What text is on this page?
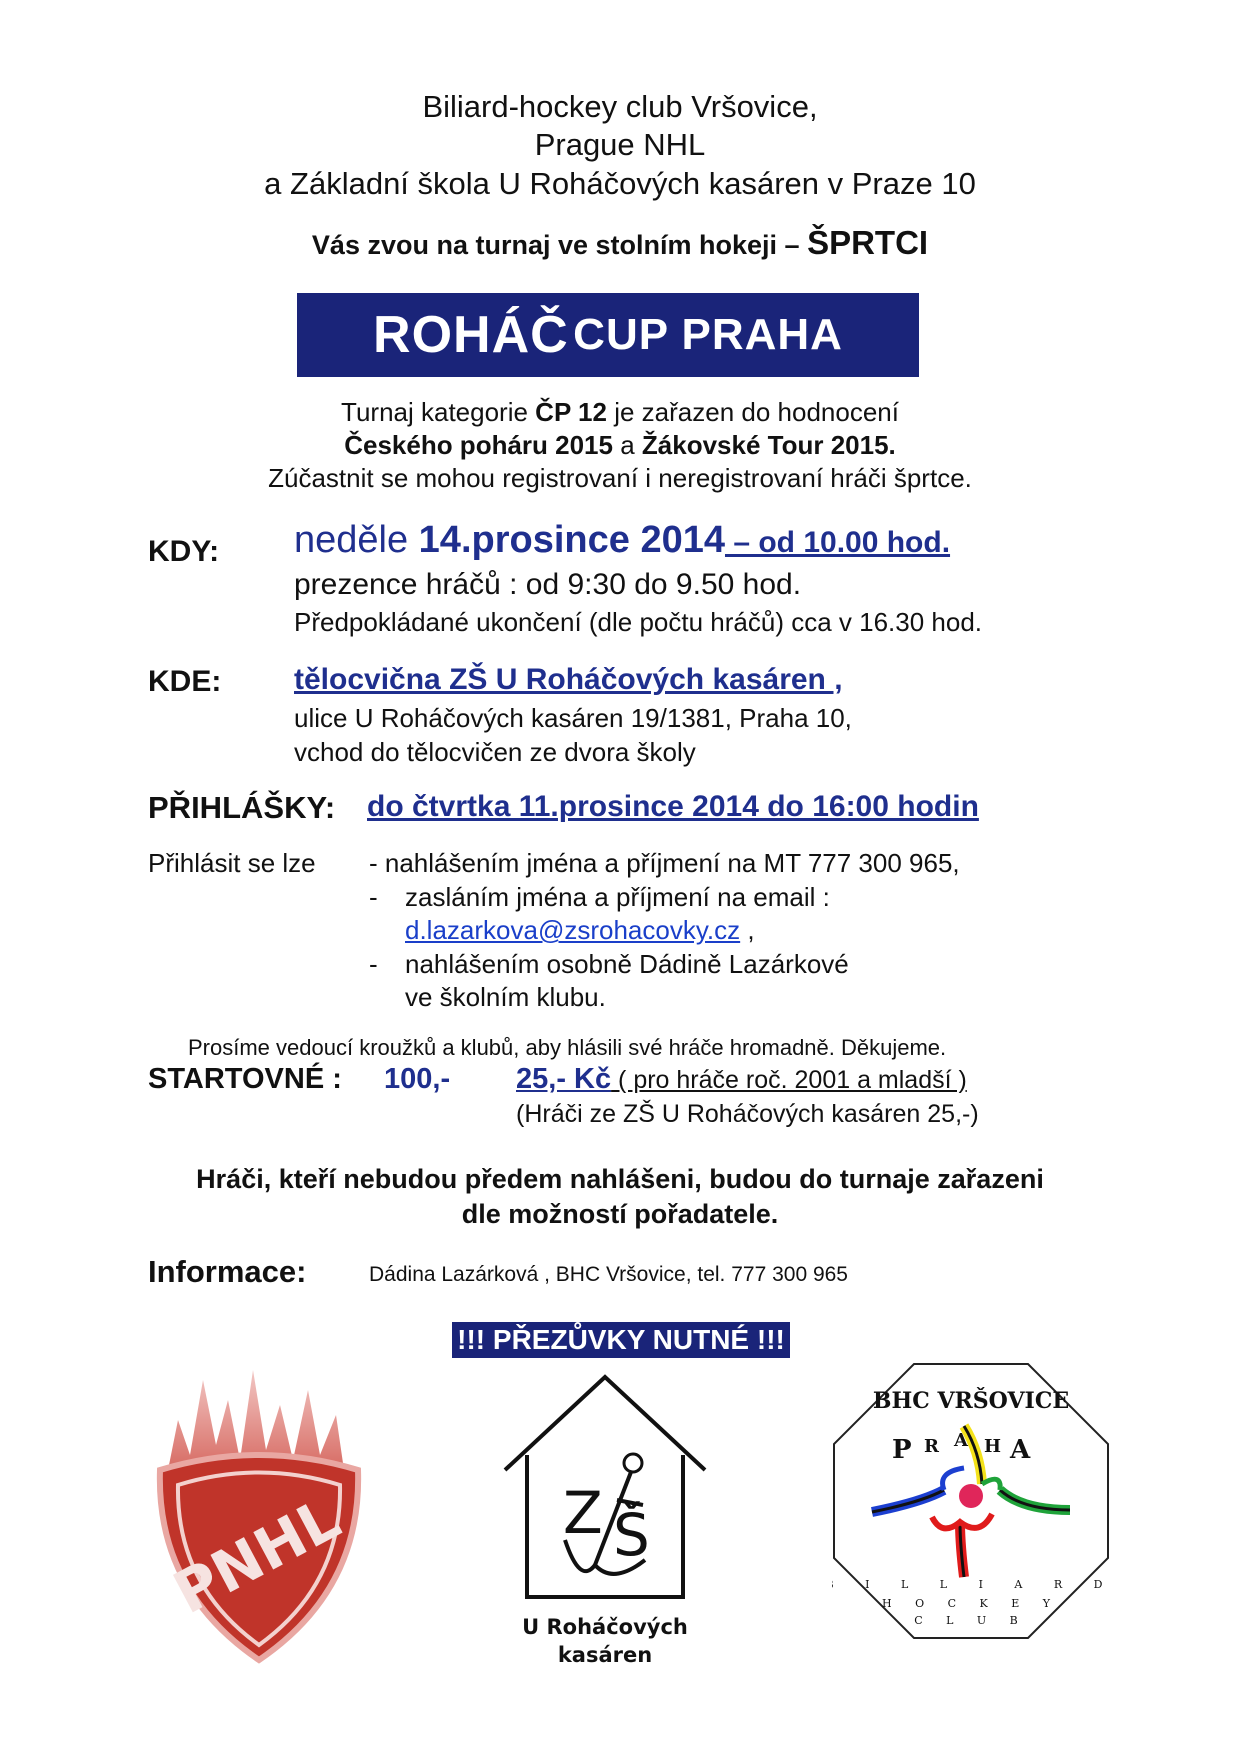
Biliard-hockey club Vršovice,
Prague NHL
a Základní škola U Roháčových kasáren v Praze 10
Vás zvou na turnaj ve stolním hokeji – ŠPRTCI
ROHÁČ
CUP PRAHA
Turnaj kategorie ČP 12 je zařazen do hodnocení
Českého poháru 2015 a Žákovské Tour 2015.
Zúčastnit se mohou registrovaní i neregistrovaní hráči šprtce.
KDY: neděle 14.prosince 2014 – od 10.00 hod.
prezence hráčů : od 9:30 do 9.50 hod.
Předpokládané ukončení (dle počtu hráčů) cca v 16.30 hod.
KDE: tělocvična ZŠ U Roháčových kasáren ,
ulice U Roháčových kasáren 19/1381, Praha 10,
vchod do tělocvičen ze dvora školy
PŘIHLÁŠKY: do čtvrtka 11.prosince 2014 do 16:00 hodin
Přihlásit se lze - nahlášením jména a příjmení na MT 777 300 965,
- zasláním jména a příjmení na email :
d.lazarkova@zsrohacovky.cz ,
- nahlášením osobně Dádině Lazárkové
ve školním klubu.
Prosíme vedoucí kroužků a klubů, aby hlásili své hráče hromadně. Děkujeme.
STARTOVNÉ : 100,- 25,- Kč ( pro hráče roč. 2001 a mladší )
(Hráči ze ZŠ U Roháčových kasáren 25,-)
Hráči, kteří nebudou předem nahlášeni, budou do turnaje zařazeni
dle možností pořadatele.
Informace:	Dádina Lazárková , BHC Vršovice, tel. 777 300 965
!!! PŘEZŮVKY NUTNÉ !!!
PNHL	Z Š
U Roháčových
kasáren
BHC VRŠOVICE
P R A H A
B I L L I A R D
H O C K E Y
C L U B
